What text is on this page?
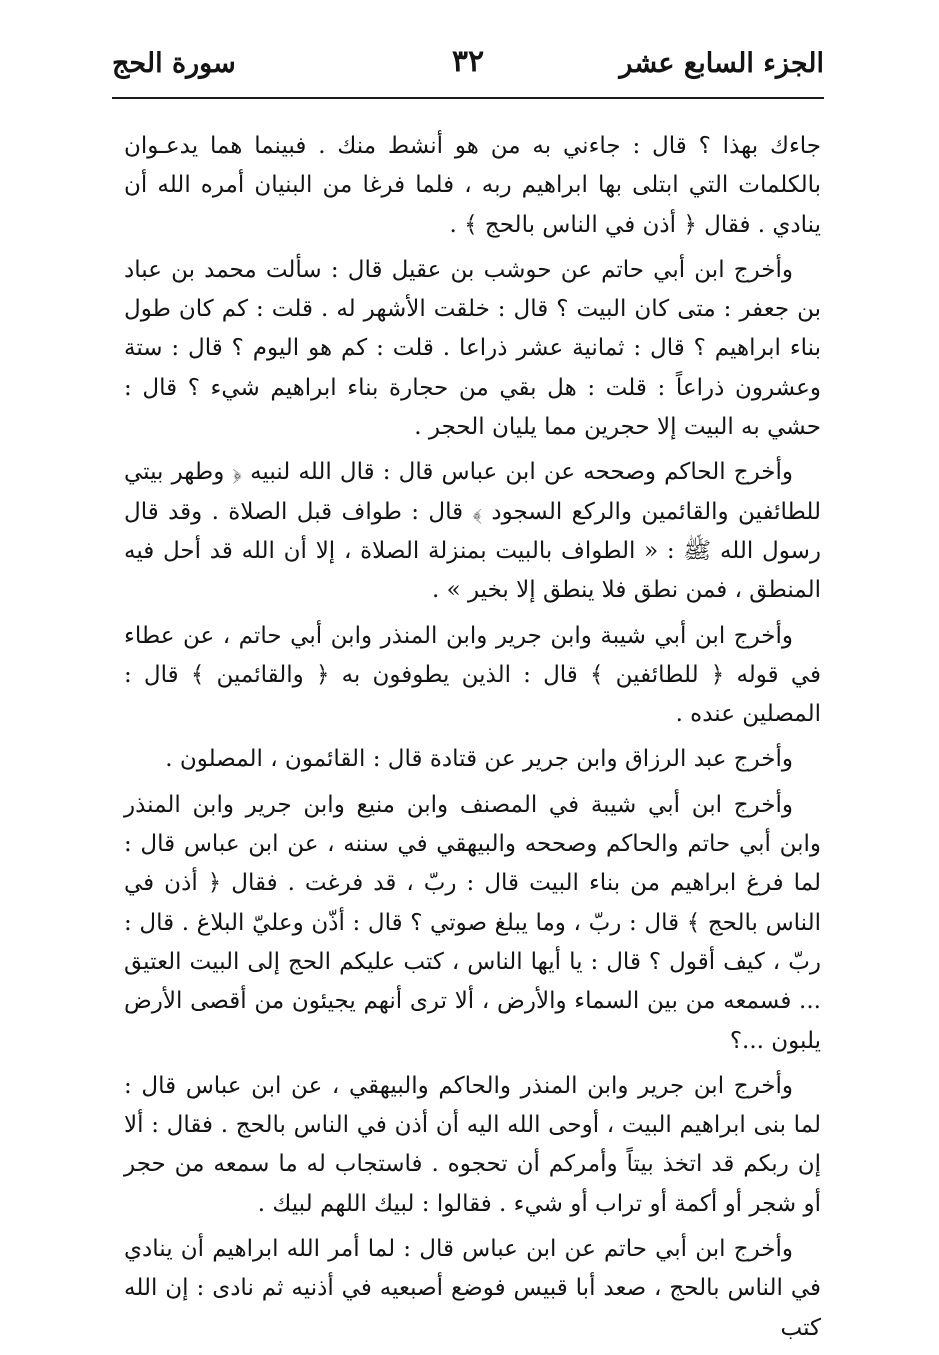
الجزء السابع عشر
٣٢
سورة الحج

جاءك بهذا ؟ قال : جاءني به من هو أنشط منك . فبينما هما يدعـوان بالكلمات التي ابتلى بها ابراهيم ربه ، فلما فرغا من البنيان أمره الله أن ينادي . فقال ﴿ أذن في الناس بالحج ﴾ .

وأخرج ابن أبي حاتم عن حوشب بن عقيل قال : سألت محمد بن عباد بن جعفر : متى كان البيت ؟ قال : خلقت الأشهر له . قلت : كم كان طول بناء ابراهيم ؟ قال : ثمانية عشر ذراعا . قلت : كم هو اليوم ؟ قال : ستة وعشرون ذراعاً : قلت : هل بقي من حجارة بناء ابراهيم شيء ؟ قال : حشي به البيت إلا حجرين مما يليان الحجر .

وأخرج الحاكم وصححه عن ابن عباس قال : قال الله لنبيه ﴿ وطهر بيتي للطائفين والقائمين والركع السجود ﴾ قال : طواف قبل الصلاة . وقد قال رسول الله ﷺ : « الطواف بالبيت بمنزلة الصلاة ، إلا أن الله قد أحل فيه المنطق ، فمن نطق فلا ينطق إلا بخير » .

وأخرج ابن أبي شيبة وابن جرير وابن المنذر وابن أبي حاتم ، عن عطاء في قوله ﴿ للطائفين ﴾ قال : الذين يطوفون به ﴿ والقائمين ﴾ قال : المصلين عنده .

وأخرج عبد الرزاق وابن جرير عن قتادة قال : القائمون ، المصلون .

وأخرج ابن أبي شيبة في المصنف وابن منيع وابن جرير وابن المنذر وابن أبي حاتم والحاكم وصححه والبيهقي في سننه ، عن ابن عباس قال : لما فرغ ابراهيم من بناء البيت قال : ربّ ، قد فرغت . فقال ﴿ أذن في الناس بالحج ﴾ قال : ربّ ، وما يبلغ صوتي ؟ قال : أذّن وعليّ البلاغ . قال : ربّ ، كيف أقول ؟ قال : يا أيها الناس ، كتب عليكم الحج إلى البيت العتيق ... فسمعه من بين السماء والأرض ، ألا ترى أنهم يجيئون من أقصى الأرض يلبون ...؟

وأخرج ابن جرير وابن المنذر والحاكم والبيهقي ، عن ابن عباس قال : لما بنى ابراهيم البيت ، أوحى الله اليه أن أذن في الناس بالحج . فقال : ألا إن ربكم قد اتخذ بيتاً وأمركم أن تحجوه . فاستجاب له ما سمعه من حجر أو شجر أو أكمة أو تراب أو شيء . فقالوا : لبيك اللهم لبيك .

وأخرج ابن أبي حاتم عن ابن عباس قال : لما أمر الله ابراهيم أن ينادي في الناس بالحج ، صعد أبا قبيس فوضع أصبعيه في أذنيه ثم نادى : إن الله كتب
